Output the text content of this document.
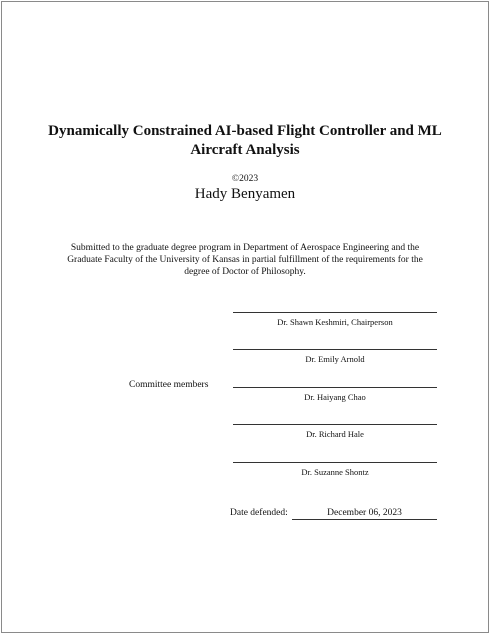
Dynamically Constrained AI-based Flight Controller and ML
Aircraft Analysis
©2023
Hady Benyamen
Submitted to the graduate degree program in Department of Aerospace Engineering and the
Graduate Faculty of the University of Kansas in partial fulfillment of the requirements for the
degree of Doctor of Philosophy.
Committee members
Dr. Shawn Keshmiri, Chairperson
Dr. Emily Arnold
Dr. Haiyang Chao
Dr. Richard Hale
Dr. Suzanne Shontz
Date defended:	December 06, 2023
